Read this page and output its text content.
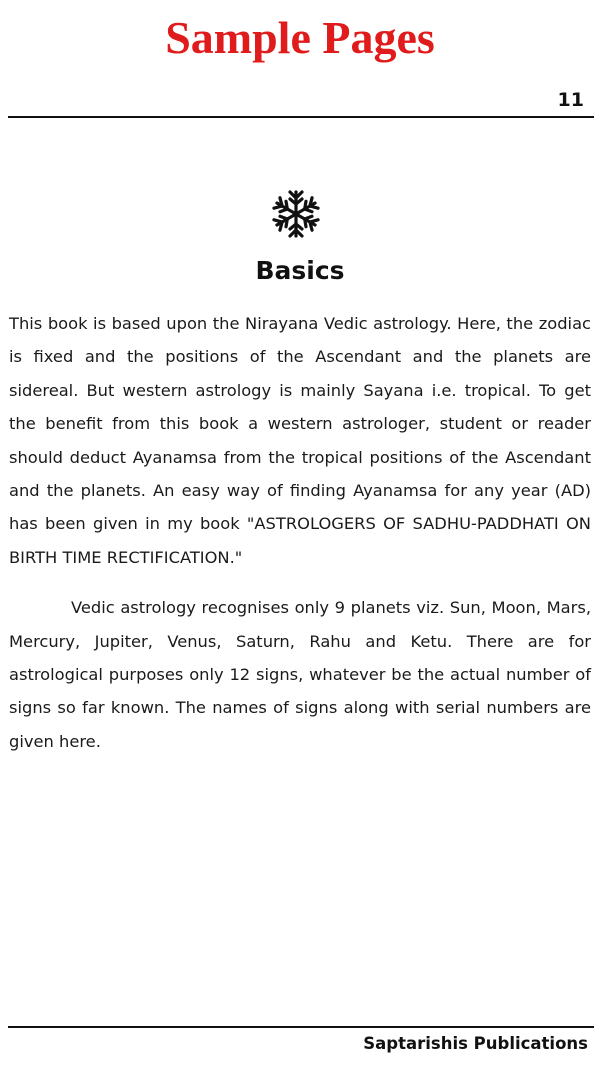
Sample Pages
11
Basics

This book is based upon the Nirayana Vedic astrology. Here, the zodiac is fixed and the positions of the Ascendant and the planets are sidereal. But western astrology is mainly Sayana i.e. tropical. To get the benefit from this book a western astrologer, student or reader should deduct Ayanamsa from the tropical positions of the Ascendant and the planets. An easy way of finding Ayanamsa for any year (AD) has been given in my book "ASTROLOGERS OF SADHU-PADDHATI ON BIRTH TIME RECTIFICATION."

Vedic astrology recognises only 9 planets viz. Sun, Moon, Mars, Mercury, Jupiter, Venus, Saturn, Rahu and Ketu. There are for astrological purposes only 12 signs, whatever be the actual number of signs so far known. The names of signs along with serial numbers are given here.

Saptarishis Publications
